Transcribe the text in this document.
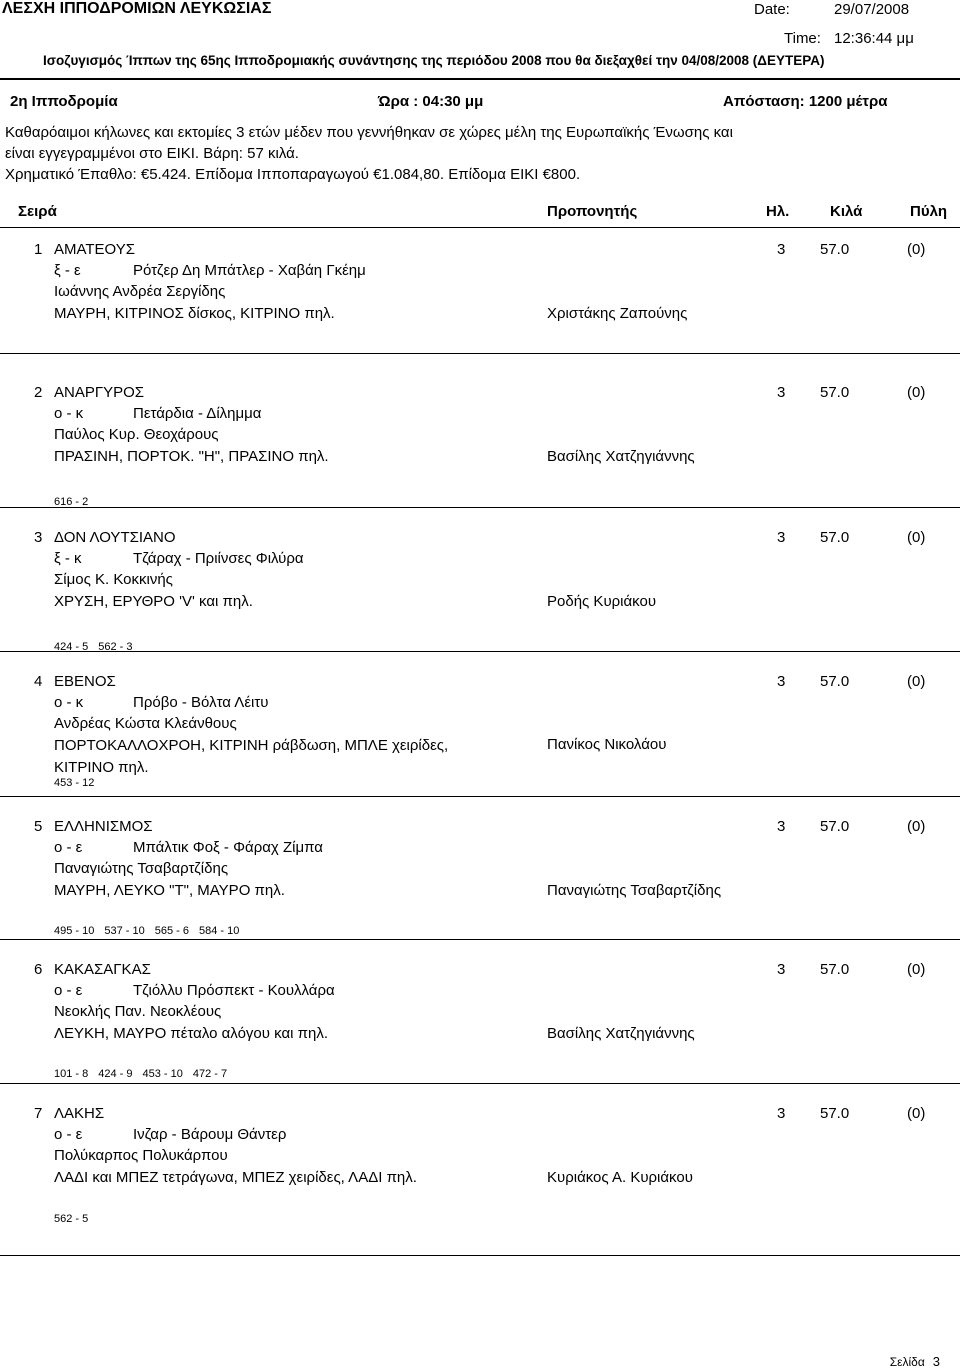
ΛΕΣΧΗ ΙΠΠΟΔΡΟΜΙΩΝ ΛΕΥΚΩΣΙΑΣ	Date:	29/07/2008
Time: 12:36:44 μμ
Ισοζυγισμός Ίππων της 65ης Ιπποδρομιακής συνάντησης της περιόδου 2008 που θα διεξαχθεί την 04/08/2008 (ΔΕΥΤΕΡΑ)
2η Ιπποδρομία	Ώρα : 04:30 μμ	Απόσταση: 1200 μέτρα
Καθαρόαιμοι κήλωνες και εκτομίες 3 ετών μέδεν που γεννήθηκαν σε χώρες μέλη της Ευρωπαϊκής Ένωσης και
είναι εγγεγραμμένοι στο ΕΙΚΙ. Βάρη: 57 κιλά.
Χρηματικό Έπαθλο: €5.424. Επίδομα Ιπποπαραγωγού €1.084,80. Επίδομα ΕΙΚΙ €800.
Σειρά	Προπονητής	Ηλ.	Κιλά	Πύλη
1 ΑΜΑΤΕΟΥΣ	3 57.0	(0)
ξ - ε	Ρότζερ Δη Μπάτλερ - Χαβάη Γκέημ
Ιωάννης Ανδρέα Σεργίδης
ΜΑΥΡΗ, ΚΙΤΡΙΝΟΣ δίσκος, ΚΙΤΡΙΝΟ πηλ.	Χριστάκης Ζαπούνης
2 ΑΝΑΡΓΥΡΟΣ	3 57.0	(0)
ο - κ	Πετάρδια - Δίλημμα
Παύλος Κυρ. Θεοχάρους
ΠΡΑΣΙΝΗ, ΠΟΡΤΟΚ. "Η", ΠΡΑΣΙΝΟ πηλ.	Βασίλης Χατζηγιάννης
616 - 2
3 ΔΟΝ ΛΟΥΤΣΙΑΝΟ	3 57.0	(0)
ξ - κ	Τζάραχ - Πριίνσες Φιλύρα
Σίμος Κ. Κοκκινής
ΧΡΥΣΗ, ΕΡΥΘΡΟ 'V' και πηλ.	Ροδής Κυριάκου
424 - 5 562 - 3
4 ΕΒΕΝΟΣ	3 57.0	(0)
ο - κ	Πρόβο - Βόλτα Λέιτυ
Ανδρέας Κώστα Κλεάνθους
ΠΟΡΤΟΚΑΛΛΟΧΡΟΗ, ΚΙΤΡΙΝΗ ράβδωση, ΜΠΛΕ χειρίδες,
ΚΙΤΡΙΝΟ πηλ.
Πανίκος Νικολάου
453 - 12
5 ΕΛΛΗΝΙΣΜΟΣ	3 57.0	(0)
ο - ε	Μπάλτικ Φοξ - Φάραχ Ζίμπα
Παναγιώτης Τσαβαρτζίδης
ΜΑΥΡΗ, ΛΕΥΚΟ "Τ", ΜΑΥΡΟ πηλ.	Παναγιώτης Τσαβαρτζίδης
495 - 10 537 - 10 565 - 6 584 - 10
6 ΚΑΚΑΣΑΓΚΑΣ	3 57.0	(0)
ο - ε	Τζιόλλυ Πρόσπεκτ - Κουλλάρα
Νεοκλής Παν. Νεοκλέους
ΛΕΥΚΗ, ΜΑΥΡΟ πέταλο αλόγου και πηλ.	Βασίλης Χατζηγιάννης
101 - 8 424 - 9 453 - 10 472 - 7
7 ΛΑΚΗΣ	3 57.0	(0)
ο - ε	Ινζαρ - Βάρουμ Θάντερ
Πολύκαρπος Πολυκάρπου
ΛΑΔΙ και ΜΠΕΖ τετράγωνα, ΜΠΕΖ χειρίδες, ΛΑΔΙ πηλ.	Κυριάκος Α. Κυριάκου
562 - 5
Σελίδα 3
